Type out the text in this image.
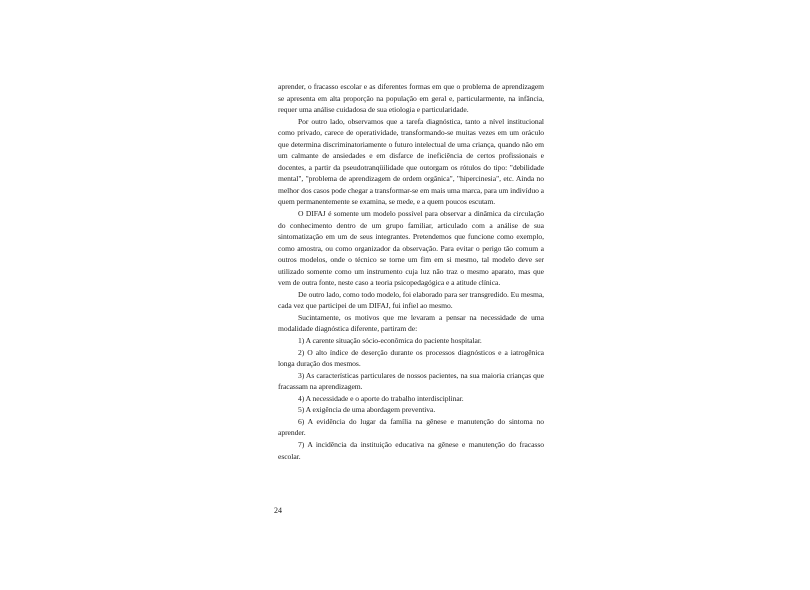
aprender, o fracasso escolar e as diferentes formas em que o problema de aprendizagem se apresenta em alta proporção na população em geral e, particularmente, na infância, requer uma análise cuidadosa de sua etiologia e particularidade.

Por outro lado, observamos que a tarefa diagnóstica, tanto a nível institucional como privado, carece de operatividade, transformando-se muitas vezes em um oráculo que determina discriminatoriamente o futuro intelectual de uma criança, quando não em um calmante de ansiedades e em disfarce de ineficiência de certos profissionais e docentes, a partir da pseudotranqüilidade que outorgam os rótulos do tipo: "debilidade mental", "problema de aprendizagem de ordem orgânica", "hipercinesia", etc. Ainda no melhor dos casos pode chegar a transformar-se em mais uma marca, para um indivíduo a quem permanentemente se examina, se mede, e a quem poucos escutam.

O DIFAJ é somente um modelo possível para observar a dinâmica da circulação do conhecimento dentro de um grupo familiar, articulado com a análise de sua sintomatização em um de seus integrantes. Pretendemos que funcione como exemplo, como amostra, ou como organizador da observação. Para evitar o perigo tão comum a outros modelos, onde o técnico se torne um fim em si mesmo, tal modelo deve ser utilizado somente como um instrumento cuja luz não traz o mesmo aparato, mas que vem de outra fonte, neste caso a teoria psicopedagógica e a atitude clínica.

De outro lado, como todo modelo, foi elaborado para ser transgredido. Eu mesma, cada vez que participei de um DIFAJ, fui infiel ao mesmo.

Sucintamente, os motivos que me levaram a pensar na necessidade de uma modalidade diagnóstica diferente, partiram de:

1) A carente situação sócio-econômica do paciente hospitalar.

2) O alto índice de deserção durante os processos diagnósticos e a iatrogênica longa duração dos mesmos.

3) As características particulares de nossos pacientes, na sua maioria crianças que fracassam na aprendizagem.

4) A necessidade e o aporte do trabalho interdisciplinar.

5) A exigência de uma abordagem preventiva.

6) A evidência do lugar da família na gênese e manutenção do sintoma no aprender.

7) A incidência da instituição educativa na gênese e manutenção do fracasso escolar.

24
